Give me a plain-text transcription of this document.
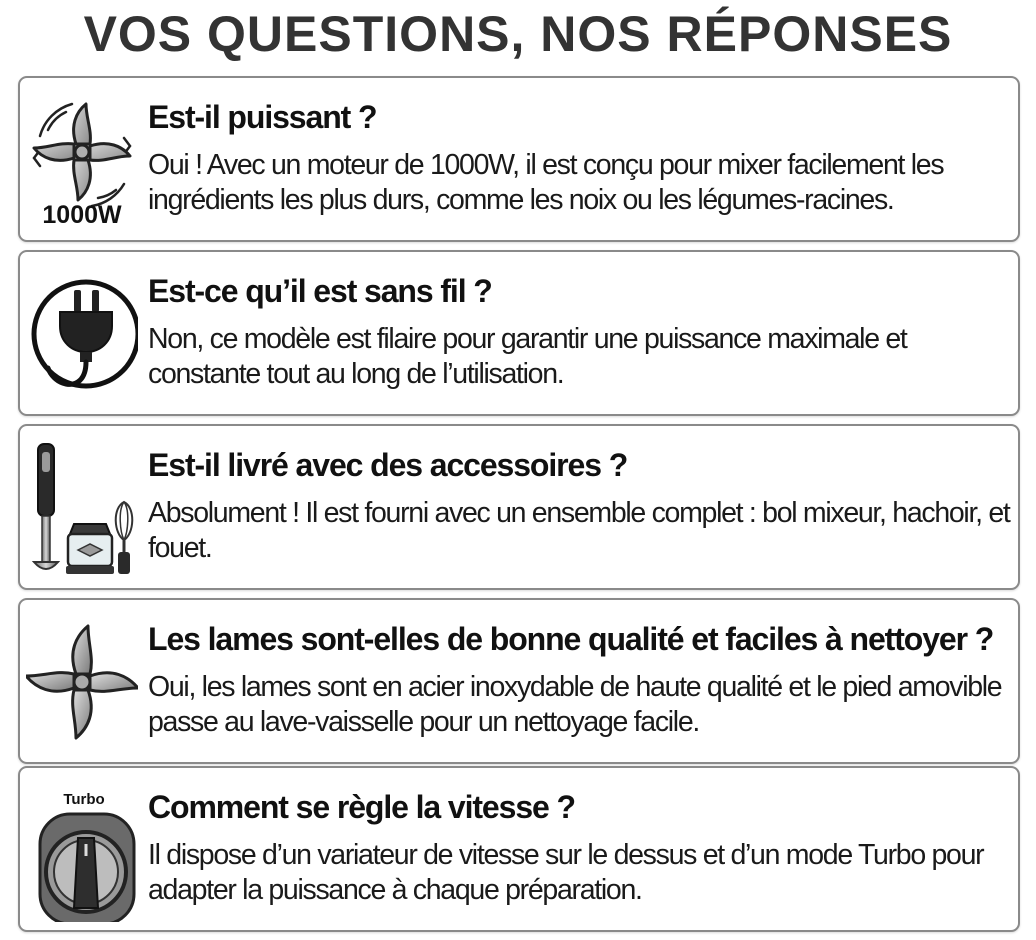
VOS QUESTIONS, NOS RÉPONSES
1000W
Est-il puissant ?
Oui ! Avec un moteur de 1000W, il est conçu pour mixer facilement les ingrédients les plus durs, comme les noix ou les légumes-racines.
Est-ce qu’il est sans fil ?
Non, ce modèle est filaire pour garantir une puissance maximale et constante tout au long de l’utilisation.
Est-il livré avec des accessoires ?
Absolument ! Il est fourni avec un ensemble complet : bol mixeur, hachoir, et fouet.
Les lames sont-elles de bonne qualité et faciles à nettoyer ?
Oui, les lames sont en acier inoxydable de haute qualité et le pied amovible passe au lave-vaisselle pour un nettoyage facile.
Turbo Comment se règle la vitesse ?
Il dispose d’un variateur de vitesse sur le dessus et d’un mode Turbo pour adapter la puissance à chaque préparation.
